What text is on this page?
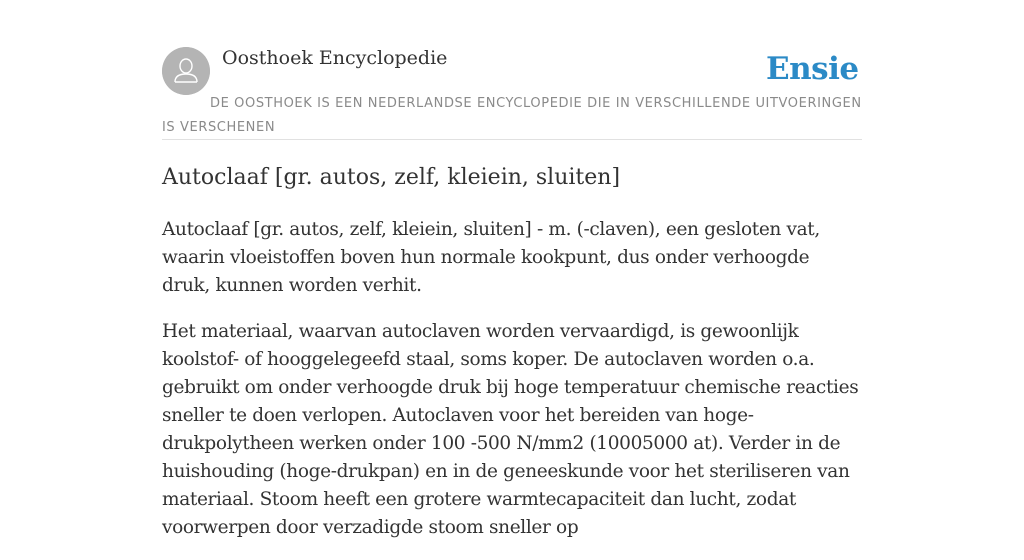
Oosthoek Encyclopedie	Ensie
DE OOSTHOEK IS EEN NEDERLANDSE ENCYCLOPEDIE DIE IN VERSCHILLENDE UITVOERINGEN IS VERSCHENEN
Autoclaaf [gr. autos, zelf, kleiein, sluiten]

Autoclaaf [gr. autos, zelf, kleiein, sluiten] - m. (-claven), een gesloten vat, waarin vloeistoffen boven hun normale kookpunt, dus onder verhoogde druk, kunnen worden verhit.

Het materiaal, waarvan autoclaven worden vervaardigd, is gewoonlijk koolstof- of hooggelegeefd staal, soms koper. De autoclaven worden o.a. gebruikt om onder verhoogde druk bij hoge temperatuur chemische reacties sneller te doen verlopen. Autoclaven voor het bereiden van hoge-drukpolytheen werken onder 100 -500 N/mm2 (10005000 at). Verder in de huishouding (hoge-drukpan) en in de geneeskunde voor het steriliseren van materiaal. Stoom heeft een grotere warmtecapaciteit dan lucht, zodat voorwerpen door verzadigde stoom sneller op
